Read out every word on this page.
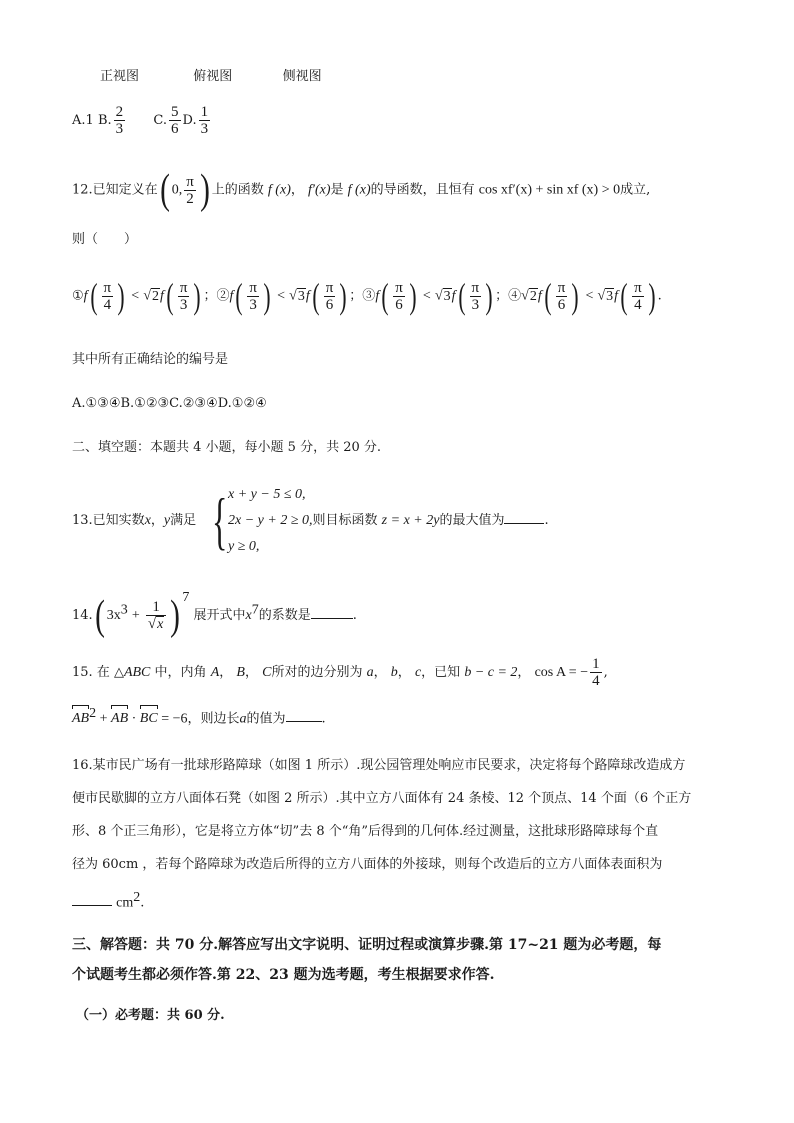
正视图	俯视图	侧视图
A.1 B. $\frac{2}{3} C$. $\frac{5}{6} D$. $\frac{1}{3}$
12.已知定义在( 0, $\frac{\pi}{2}$ ) 上的函数 f (x)， f′(x)是 f (x)的导函数，且恒有 cos xf′(x) + sin xf (x) > 0成立,
则（　　）
①f( $\frac{\pi}{4}$ ) < $√2f( \frac{\pi}{3}$ ) ；②f( $\frac{\pi}{3}$ ) < $√3f( \frac{\pi}{6}$ ) ；③f( $\frac{\pi}{6}$ ) < $√3f( \frac{\pi}{3}$ ) ；④√2f( $\frac{\pi}{6}$ ) < $√3f( \frac{\pi}{4}$ ) .
其中所有正确结论的编号是
A.①③④B.①②③C.②③④D.①②④
二、填空题：本题共 4 小题，每小题 5 分，共 20 分.
13.已知实数x，y满足 { x + y − 5 ≤ 0,
2x − y + 2 ≥ 0,则目标函数 z = x + 2y的最大值为	.
y ≥ 0,
14.( $3x^3 + \frac{1}{√x}$ ) $^7$ 展开式中$x^7$的系数是	.
15. 在 △ABC 中，内角 A， B， C所对的边分别为 a， b， c，已知 b − c = 2， cos A = − $\frac{1}{4}$ ,
$AB^2$ + AB · BC = −6，则边长a的值为	.
16.某市民广场有一批球形路障球（如图 1 所示）.现公园管理处响应市民要求，决定将每个路障球改造成方
便市民歇脚的立方八面体石凳（如图 2 所示）.其中立方八面体有 24 条棱、12 个顶点、14 个面（6 个正方
形、8 个正三角形），它是将立方体“切”去 8 个“角”后得到的几何体.经过测量，这批球形路障球每个直
径为 60cm ，若每个路障球为改造后所得的立方八面体的外接球，则每个改造后的立方八面体表面积为
$cm^2$.
三、解答题：共 70 分.解答应写出文字说明、证明过程或演算步骤.第 17~21 题为必考题，每
个试题考生都必须作答.第 22、23 题为选考题，考生根据要求作答.
（一）必考题：共 60 分.
